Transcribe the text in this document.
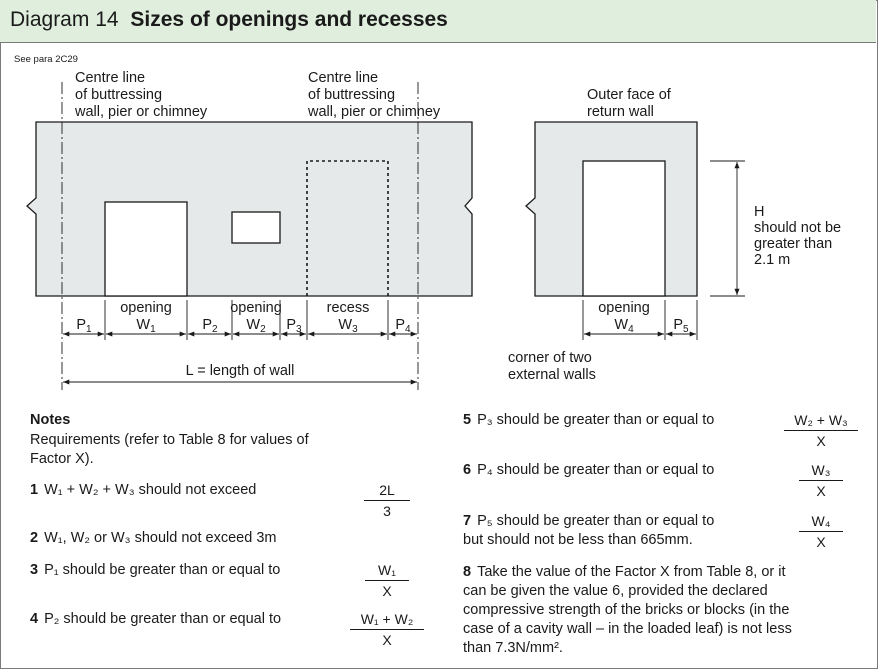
Diagram 14 Sizes of openings and recesses
See para 2C29
Centre line of buttressing wall, pier or chimney
Centre line of buttressing wall, pier or chimney
Outer face of return wall
H should not be greater than 2.1 m
corner of two external walls
L = length of wall
opening	opening	recess	opening
$P_1$	$W_1$	$P_2$ $W_2$ $P_3$	$W_3$	$P_4$	$W_4$	$P_5$
Notes
Requirements (refer to Table 8 for values of
Factor X).
1 W₁ + W₂ + W₃ should not exceed	$\frac{2L}{3}$
2 W₁, W₂ or W₃ should not exceed 3m
3 P₁ should be greater than or equal to	$\frac{\text{W₁}}{X}$
4 P₂ should be greater than or equal to	$\frac{\text{W₁ + W₂}}{X}$
5 P₃ should be greater than or equal to	$\frac{\text{W₂ + W₃}}{X}$
6 P₄ should be greater than or equal to	$\frac{\text{W₃}}{X}$
7 P₅ should be greater than or equal to
but should not be less than 665mm.	$\frac{\text{W₄}}{X}$
8 Take the value of the Factor X from Table 8, or it
can be given the value 6, provided the declared
compressive strength of the bricks or blocks (in the
case of a cavity wall – in the loaded leaf) is not less
than 7.3N/mm².
